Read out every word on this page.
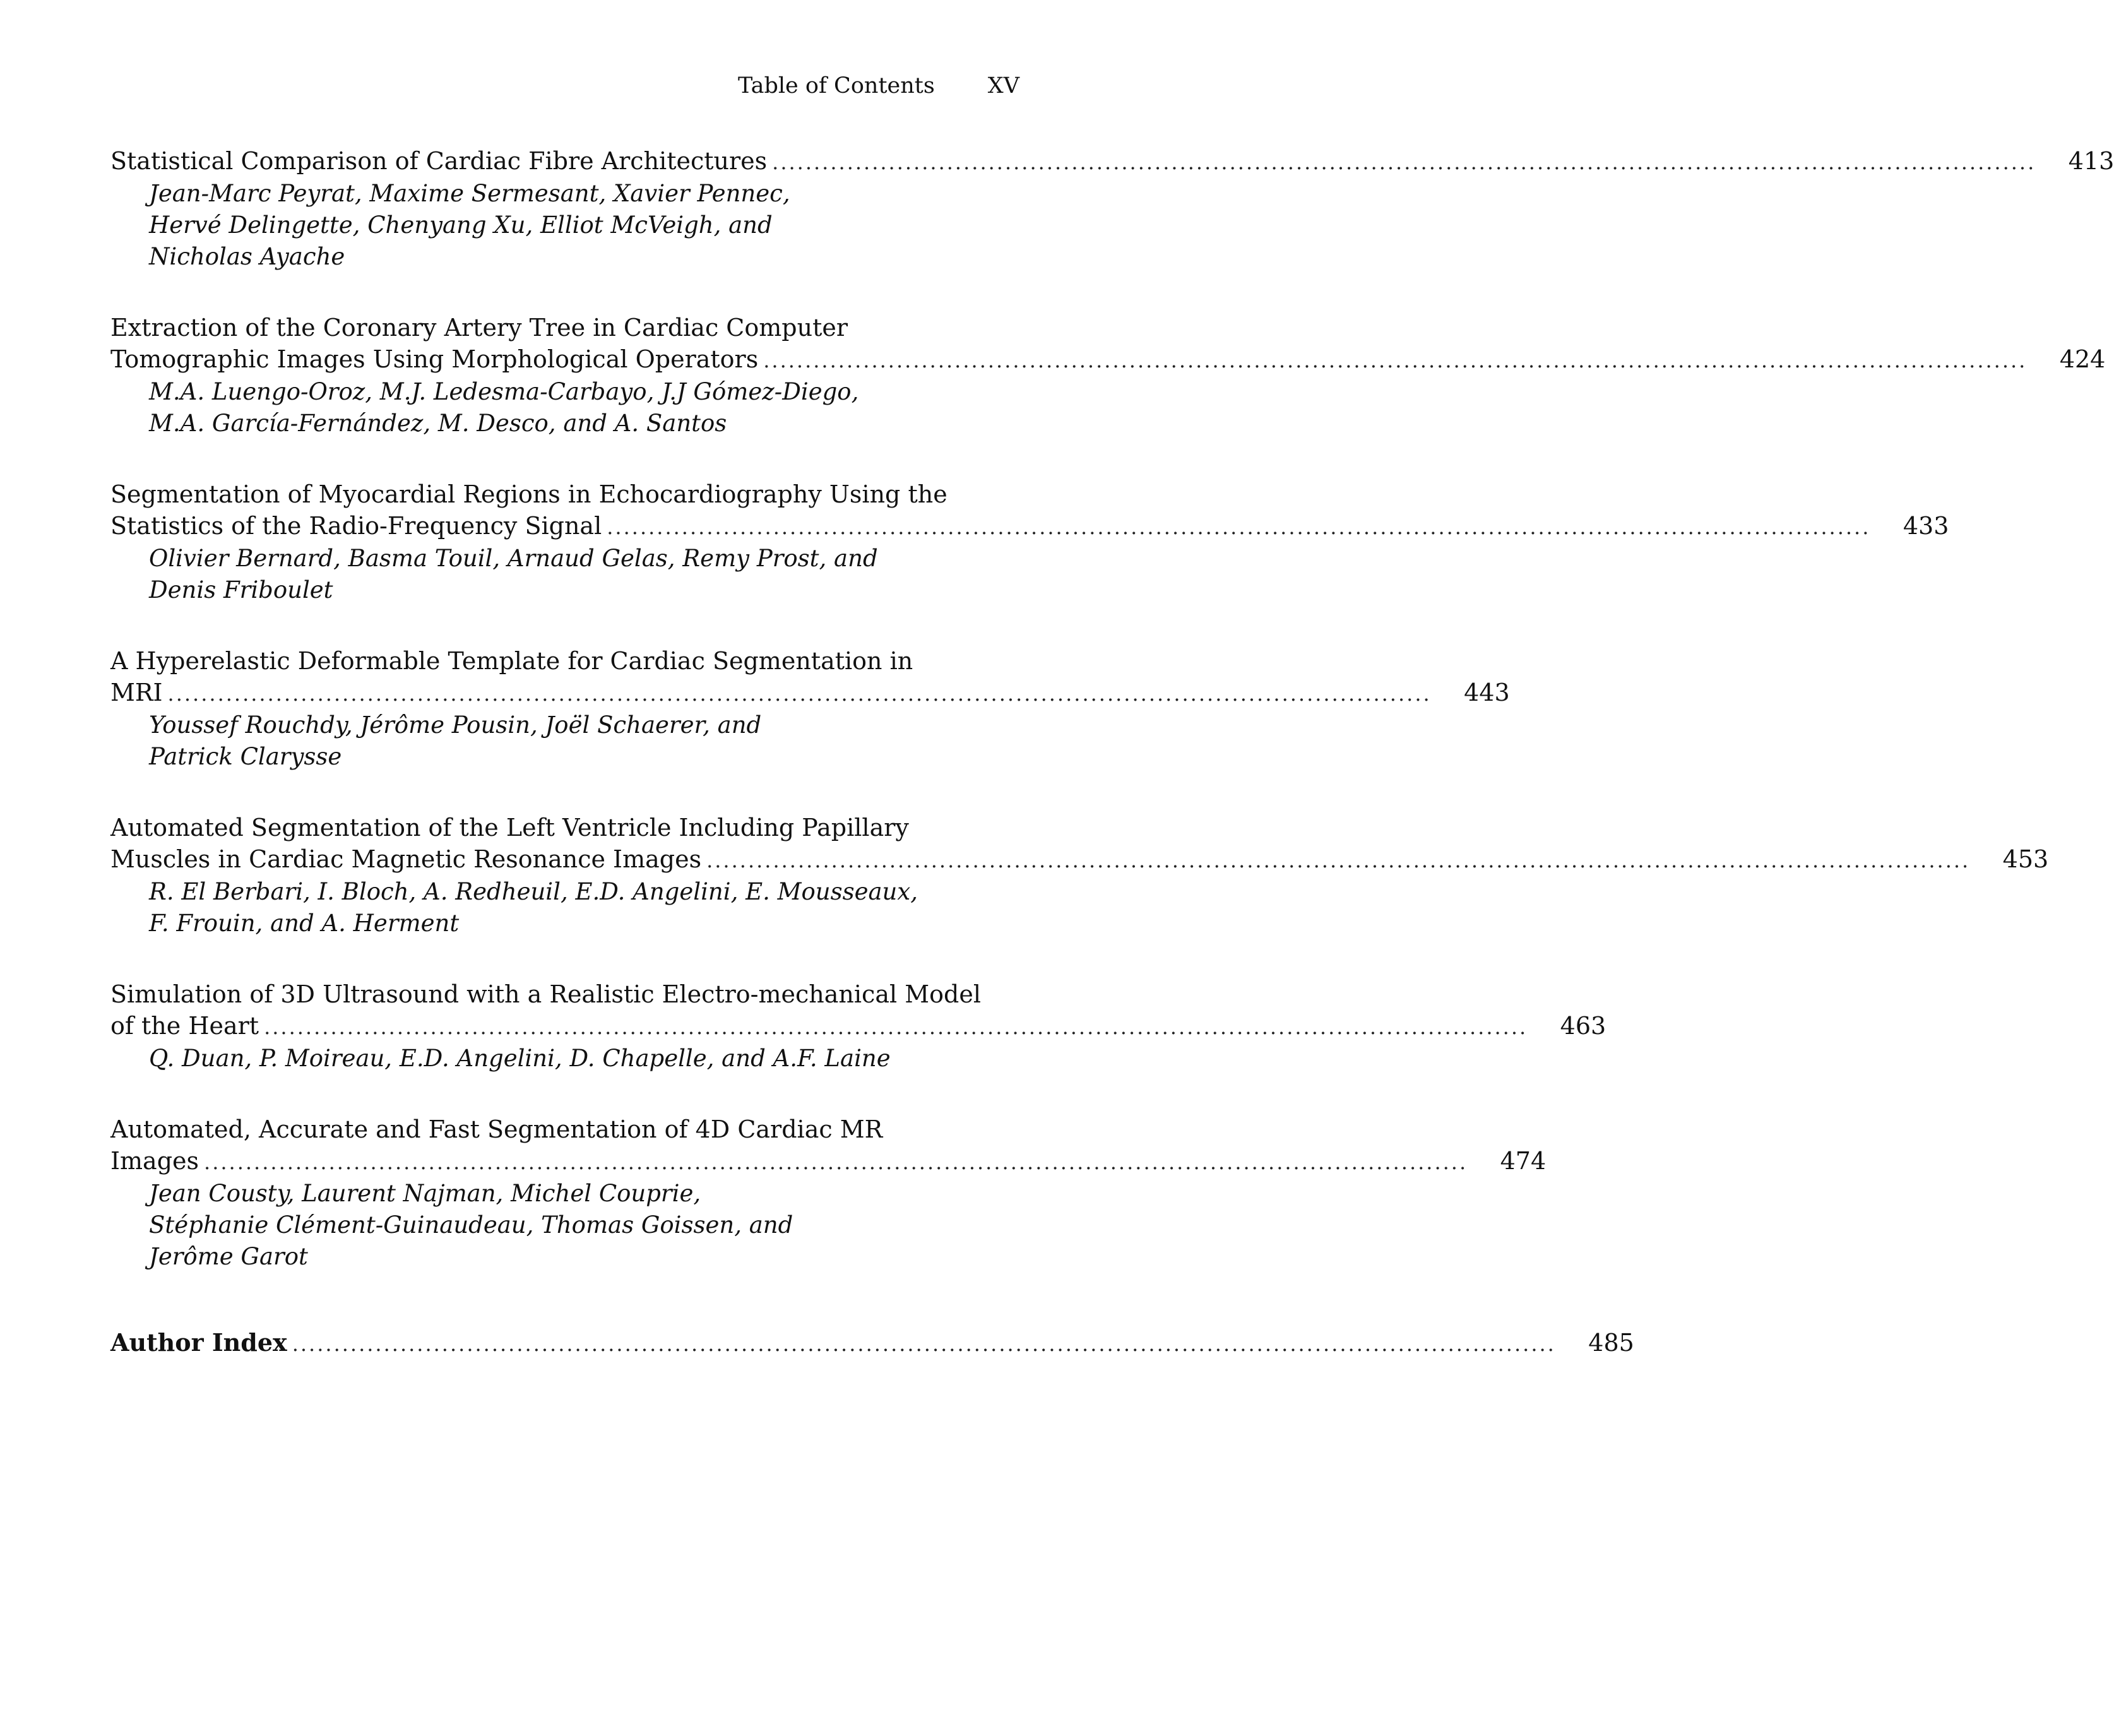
Table of Contents XV
Statistical Comparison of Cardiac Fibre Architectures ........................................................................................................................................................ 413
Jean-Marc Peyrat, Maxime Sermesant, Xavier Pennec,
Hervé Delingette, Chenyang Xu, Elliot McVeigh, and
Nicholas Ayache
Extraction of the Coronary Artery Tree in Cardiac Computer
Tomographic Images Using Morphological Operators ........................................................................................................................................................ 424
M.A. Luengo-Oroz, M.J. Ledesma-Carbayo, J.J Gómez-Diego,
M.A. García-Fernández, M. Desco, and A. Santos
Segmentation of Myocardial Regions in Echocardiography Using the
Statistics of the Radio-Frequency Signal ........................................................................................................................................................ 433
Olivier Bernard, Basma Touil, Arnaud Gelas, Remy Prost, and
Denis Friboulet
A Hyperelastic Deformable Template for Cardiac Segmentation in
MRI ........................................................................................................................................................ 443
Youssef Rouchdy, Jérôme Pousin, Joël Schaerer, and
Patrick Clarysse
Automated Segmentation of the Left Ventricle Including Papillary
Muscles in Cardiac Magnetic Resonance Images ........................................................................................................................................................ 453
R. El Berbari, I. Bloch, A. Redheuil, E.D. Angelini, E. Mousseaux,
F. Frouin, and A. Herment
Simulation of 3D Ultrasound with a Realistic Electro-mechanical Model
of the Heart ........................................................................................................................................................ 463
Q. Duan, P. Moireau, E.D. Angelini, D. Chapelle, and A.F. Laine
Automated, Accurate and Fast Segmentation of 4D Cardiac MR
Images ........................................................................................................................................................ 474
Jean Cousty, Laurent Najman, Michel Couprie,
Stéphanie Clément-Guinaudeau, Thomas Goissen, and
Jerôme Garot
Author Index ........................................................................................................................................................ 485
